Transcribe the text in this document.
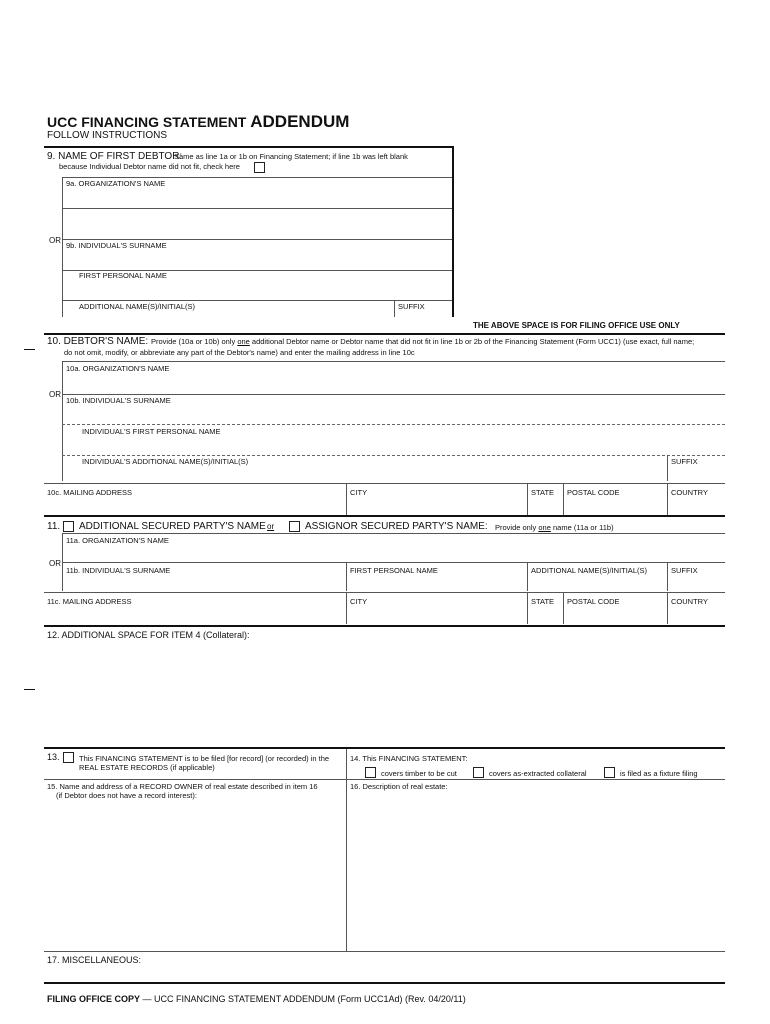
UCC FINANCING STATEMENT ADDENDUM
FOLLOW INSTRUCTIONS
9. NAME OF FIRST DEBTOR:
Same as line 1a or 1b on Financing Statement; if line 1b was left blank
because Individual Debtor name did not fit, check here
9a. ORGANIZATION'S NAME
OR
9b. INDIVIDUAL'S SURNAME
FIRST PERSONAL NAME
ADDITIONAL NAME(S)/INITIAL(S)	SUFFIX
THE ABOVE SPACE IS FOR FILING OFFICE USE ONLY
10. DEBTOR'S NAME: Provide (10a or 10b) only one additional Debtor name or Debtor name that did not fit in line 1b or 2b of the Financing Statement (Form UCC1) (use exact, full name;
do not omit, modify, or abbreviate any part of the Debtor's name) and enter the mailing address in line 10c
10a. ORGANIZATION'S NAME
OR
10b. INDIVIDUAL'S SURNAME
INDIVIDUAL'S FIRST PERSONAL NAME
INDIVIDUAL'S ADDITIONAL NAME(S)/INITIAL(S)	SUFFIX
10c. MAILING ADDRESS	CITY	STATE POSTAL CODE	COUNTRY
11. ADDITIONAL SECURED PARTY'S NAME or	ASSIGNOR SECURED PARTY'S NAME: Provide only one name (11a or 11b)
11a. ORGANIZATION'S NAME
OR
11b. INDIVIDUAL'S SURNAME	FIRST PERSONAL NAME	ADDITIONAL NAME(S)/INITIAL(S)	SUFFIX
11c. MAILING ADDRESS	CITY	STATE POSTAL CODE	COUNTRY
12. ADDITIONAL SPACE FOR ITEM 4 (Collateral):
13.	This FINANCING STATEMENT is to be filed [for record] (or recorded) in the
REAL ESTATE RECORDS (if applicable)
14. This FINANCING STATEMENT:
covers timber to be cut	covers as-extracted collateral	is filed as a fixture filing
15. Name and address of a RECORD OWNER of real estate described in item 16
(if Debtor does not have a record interest):
16. Description of real estate:
17. MISCELLANEOUS:
FILING OFFICE COPY — UCC FINANCING STATEMENT ADDENDUM (Form UCC1Ad) (Rev. 04/20/11)
